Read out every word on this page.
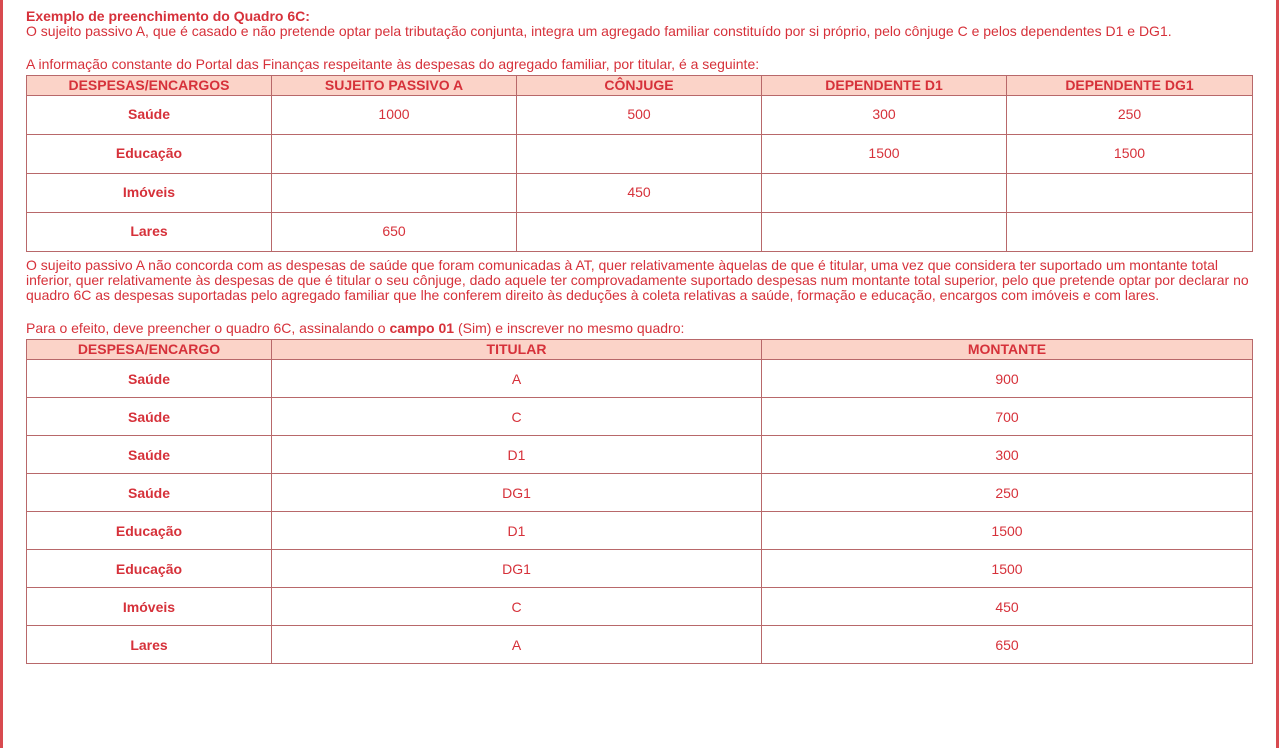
Exemplo de preenchimento do Quadro 6C:

O sujeito passivo A, que é casado e não pretende optar pela tributação conjunta, integra um agregado familiar constituído por si próprio, pelo cônjuge C e pelos dependentes D1 e DG1.

A informação constante do Portal das Finanças respeitante às despesas do agregado familiar, por titular, é a seguinte:

DESPESAS/ENCARGOS	SUJEITO PASSIVO A	CÔNJUGE	DEPENDENTE D1	DEPENDENTE DG1
Saúde	1000	500	300	250
Educação			1500	1500
Imóveis		450		
Lares	650			

O sujeito passivo A não concorda com as despesas de saúde que foram comunicadas à AT, quer relativamente àquelas de que é titular, uma vez que considera ter suportado um montante total inferior, quer relativamente às despesas de que é titular o seu cônjuge, dado aquele ter comprovadamente suportado despesas num montante total superior, pelo que pretende optar por declarar no quadro 6C as despesas suportadas pelo agregado familiar que lhe conferem direito às deduções à coleta relativas a saúde, formação e educação, encargos com imóveis e com lares.

Para o efeito, deve preencher o quadro 6C, assinalando o campo 01 (Sim) e inscrever no mesmo quadro:

DESPESA/ENCARGO	TITULAR	MONTANTE
Saúde	A	900
Saúde	C	700
Saúde	D1	300
Saúde	DG1	250
Educação	D1	1500
Educação	DG1	1500
Imóveis	C	450
Lares	A	650
